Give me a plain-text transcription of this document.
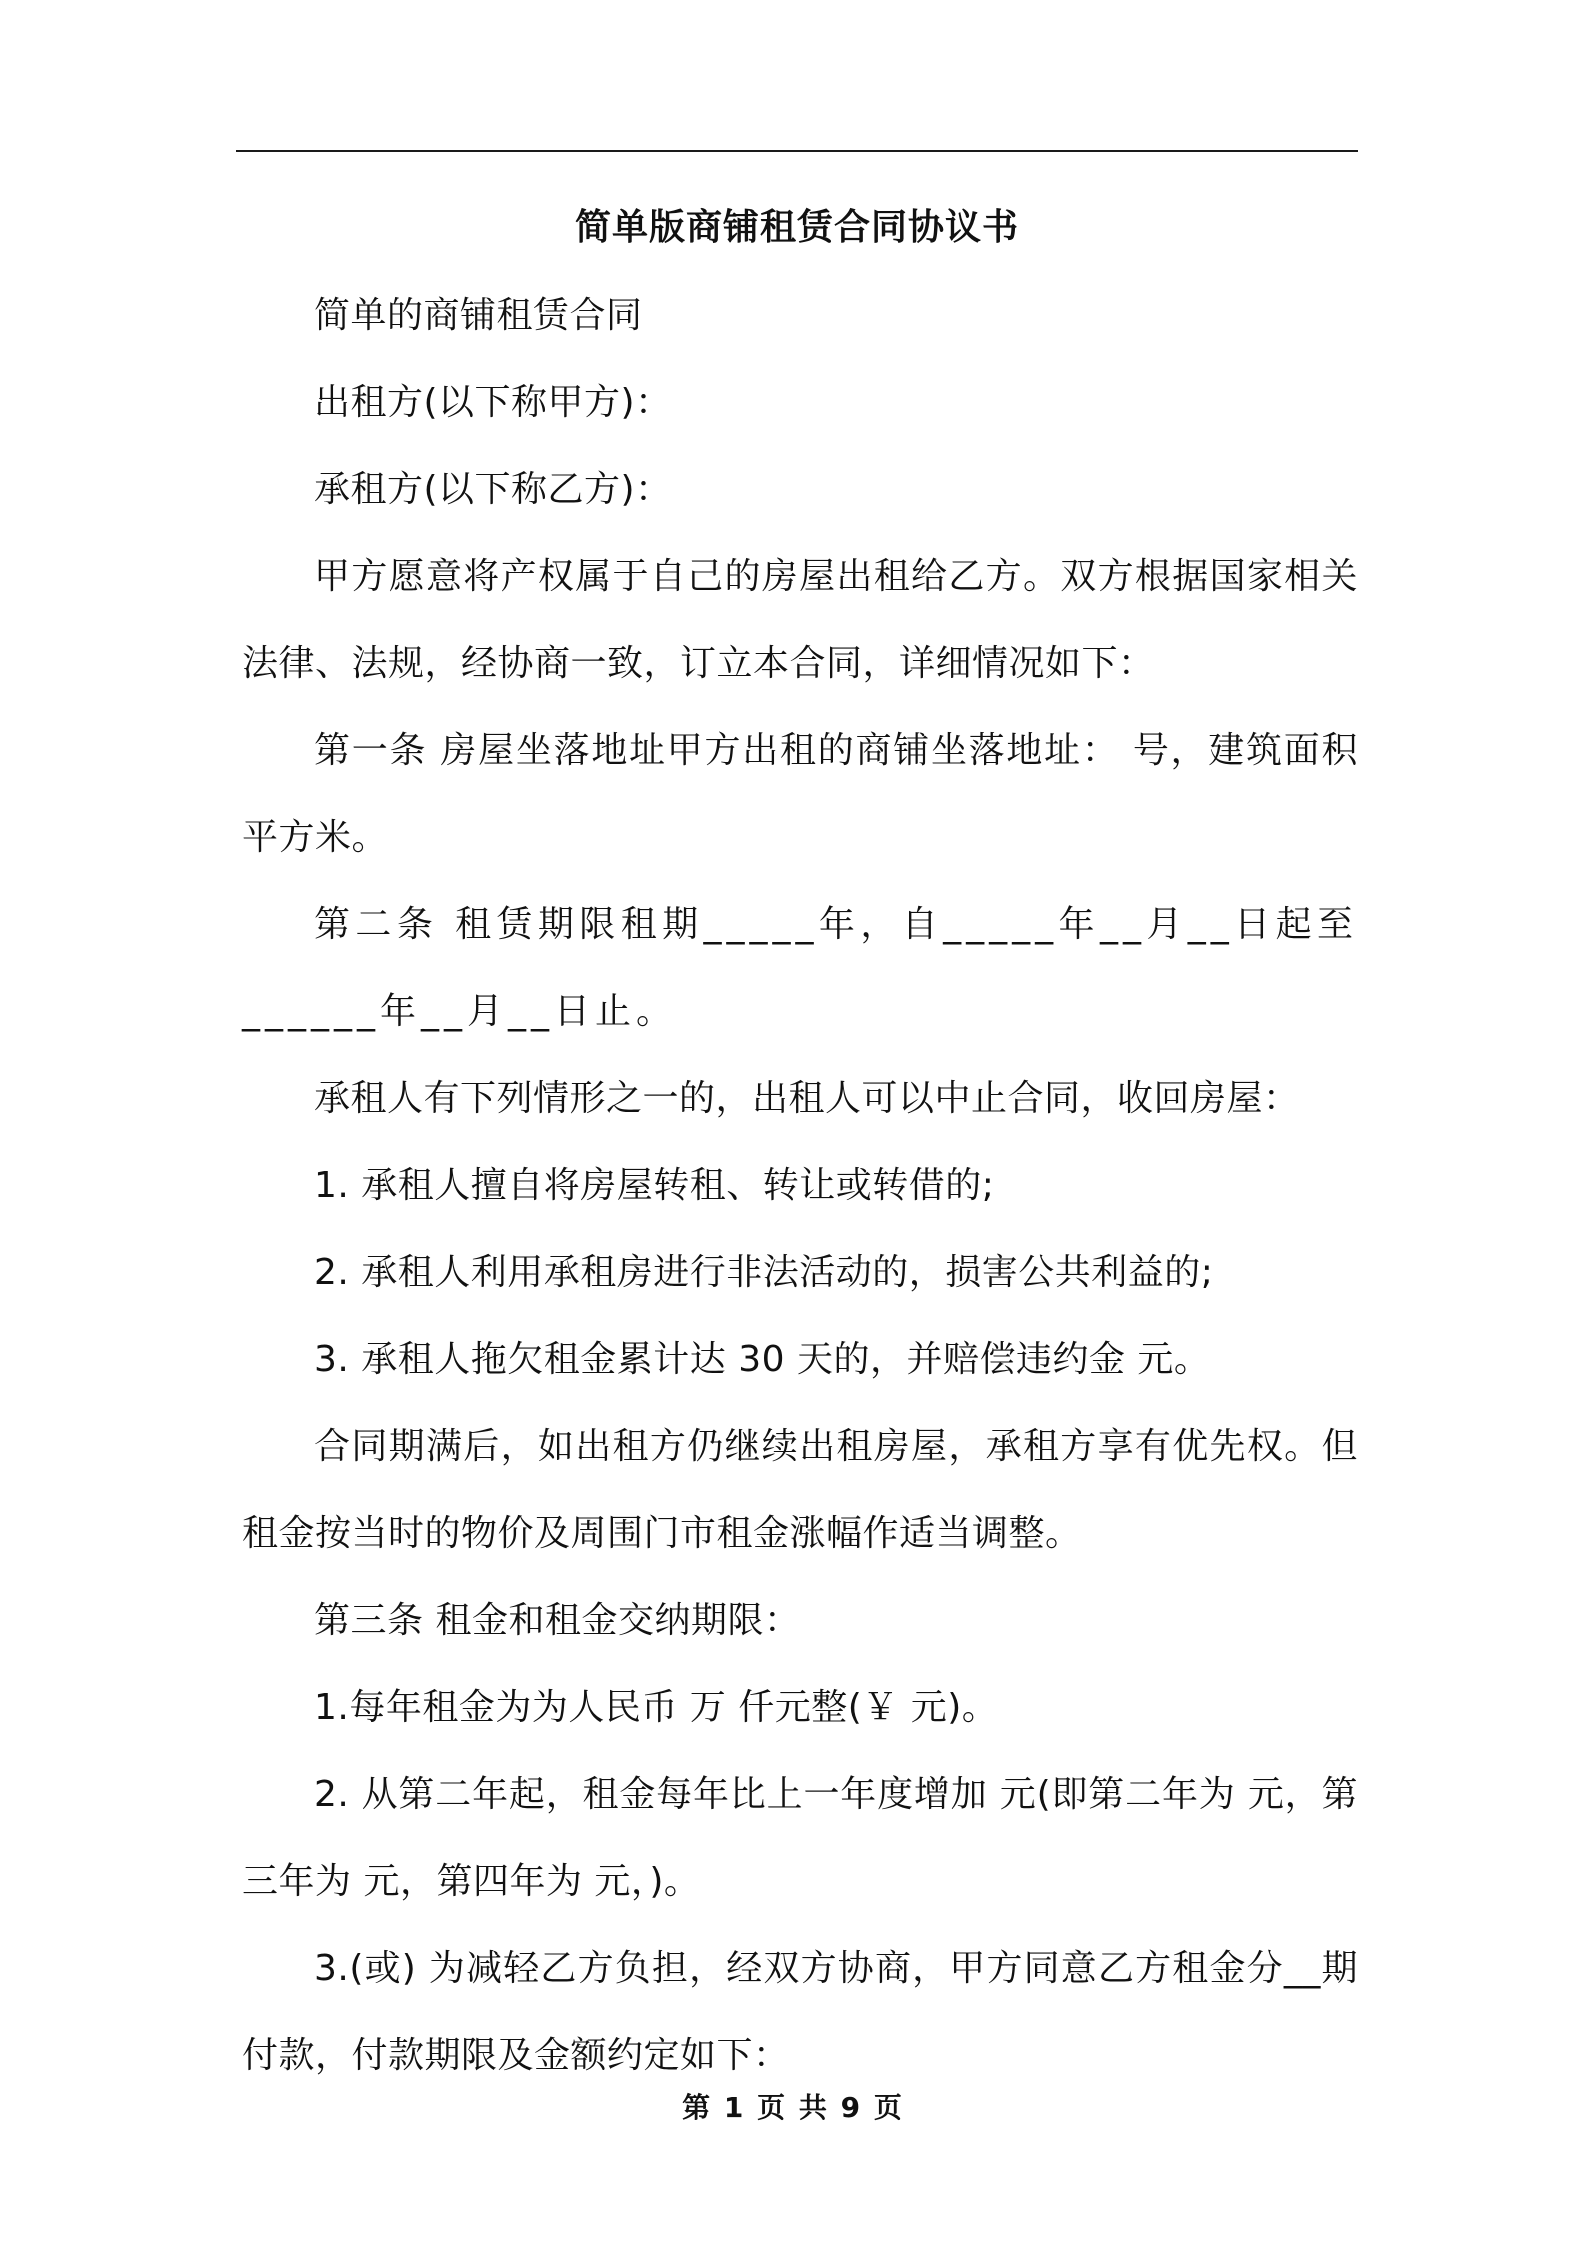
简单版商铺租赁合同协议书

简单的商铺租赁合同

出租方(以下称甲方)：

承租方(以下称乙方)：

甲方愿意将产权属于自己的房屋出租给乙方。双方根据国家相关法律、法规，经协商一致，订立本合同，详细情况如下：

第一条 房屋坐落地址甲方出租的商铺坐落地址： 号，建筑面积 平方米。

第二条 租赁期限租期_____年，自_____年__月__日起至______年__月__日止。

承租人有下列情形之一的，出租人可以中止合同，收回房屋：

1. 承租人擅自将房屋转租、转让或转借的;

2. 承租人利用承租房进行非法活动的，损害公共利益的;

3. 承租人拖欠租金累计达 30 天的，并赔偿违约金 元。

合同期满后，如出租方仍继续出租房屋，承租方享有优先权。但租金按当时的物价及周围门市租金涨幅作适当调整。

第三条 租金和租金交纳期限：

1.每年租金为为人民币 万 仟元整(￥ 元)。

2. 从第二年起，租金每年比上一年度增加 元(即第二年为 元，第三年为 元，第四年为 元，)。

3.(或) 为减轻乙方负担，经双方协商，甲方同意乙方租金分__期付款，付款期限及金额约定如下：

第 1 页 共 9 页
